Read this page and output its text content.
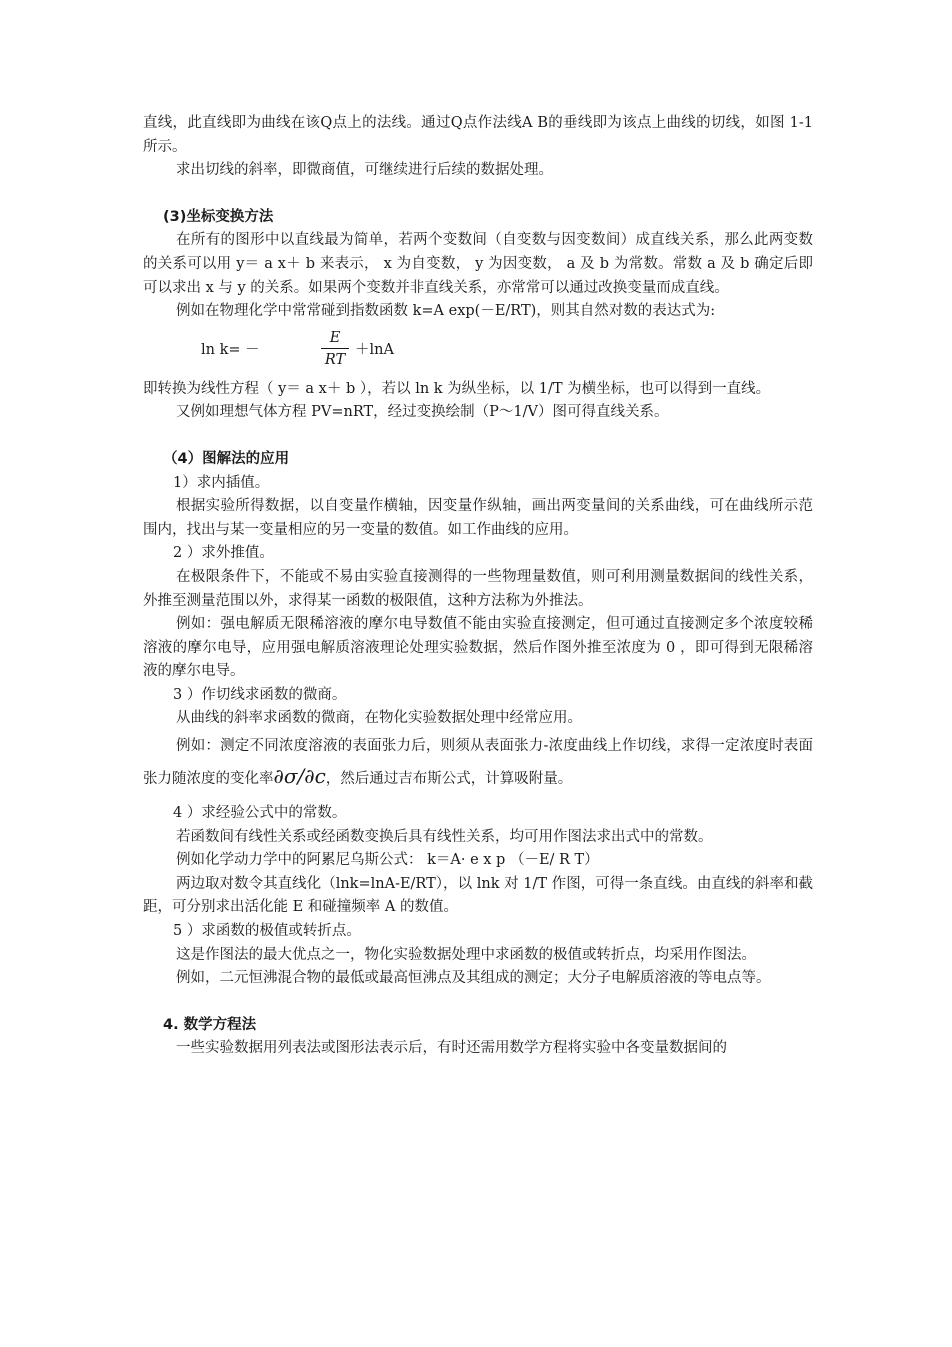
直线，此直线即为曲线在该Q点上的法线。通过Q点作法线A B的垂线即为该点上曲线的切线，如图 1-1 所示。

求出切线的斜率，即微商值，可继续进行后续的数据处理。

(3)坐标变换方法

在所有的图形中以直线最为简单，若两个变数间（自变数与因变数间）成直线关系，那么此两变数的关系可以用 y＝ a x＋ b 来表示， x 为自变数， y 为因变数， a 及 b 为常数。常数 a 及 b 确定后即可以求出 x 与 y 的关系。如果两个变数并非直线关系，亦常常可以通过改换变量而成直线。

例如在物理化学中常常碰到指数函数 k=A exp(－E/RT)，则其自然对数的表达式为:

ln k= －	$\frac{E}{RT} +\ln A$

即转换为线性方程（ y＝ a x＋ b ），若以 ln k 为纵坐标，以 1/T 为横坐标，也可以得到一直线。

又例如理想气体方程 PV=nRT，经过变换绘制（P～1/V）图可得直线关系。

（4）图解法的应用

1）求内插值。

根据实验所得数据，以自变量作横轴，因变量作纵轴，画出两变量间的关系曲线，可在曲线所示范围内，找出与某一变量相应的另一变量的数值。如工作曲线的应用。

2 ）求外推值。

在极限条件下，不能或不易由实验直接测得的一些物理量数值，则可利用测量数据间的线性关系，外推至测量范围以外，求得某一函数的极限值，这种方法称为外推法。

例如：强电解质无限稀溶液的摩尔电导数值不能由实验直接测定，但可通过直接测定多个浓度较稀溶液的摩尔电导，应用强电解质溶液理论处理实验数据，然后作图外推至浓度为 0 ，即可得到无限稀溶液的摩尔电导。

3 ）作切线求函数的微商。

从曲线的斜率求函数的微商，在物化实验数据处理中经常应用。

例如：测定不同浓度溶液的表面张力后，则须从表面张力-浓度曲线上作切线，求得一定浓度时表面张力随浓度的变化率∂σ/∂c，然后通过吉布斯公式，计算吸附量。

4 ）求经验公式中的常数。

若函数间有线性关系或经函数变换后具有线性关系，均可用作图法求出式中的常数。

例如化学动力学中的阿累尼乌斯公式： k＝A· e x p （－E/ R T）

两边取对数令其直线化（lnk=lnA-E/RT），以 lnk 对 1/T 作图，可得一条直线。由直线的斜率和截距，可分别求出活化能 E 和碰撞频率 A 的数值。

5 ）求函数的极值或转折点。

这是作图法的最大优点之一，物化实验数据处理中求函数的极值或转折点，均采用作图法。

例如，二元恒沸混合物的最低或最高恒沸点及其组成的测定；大分子电解质溶液的等电点等。

4. 数学方程法

一些实验数据用列表法或图形法表示后，有时还需用数学方程将实验中各变量数据间的
